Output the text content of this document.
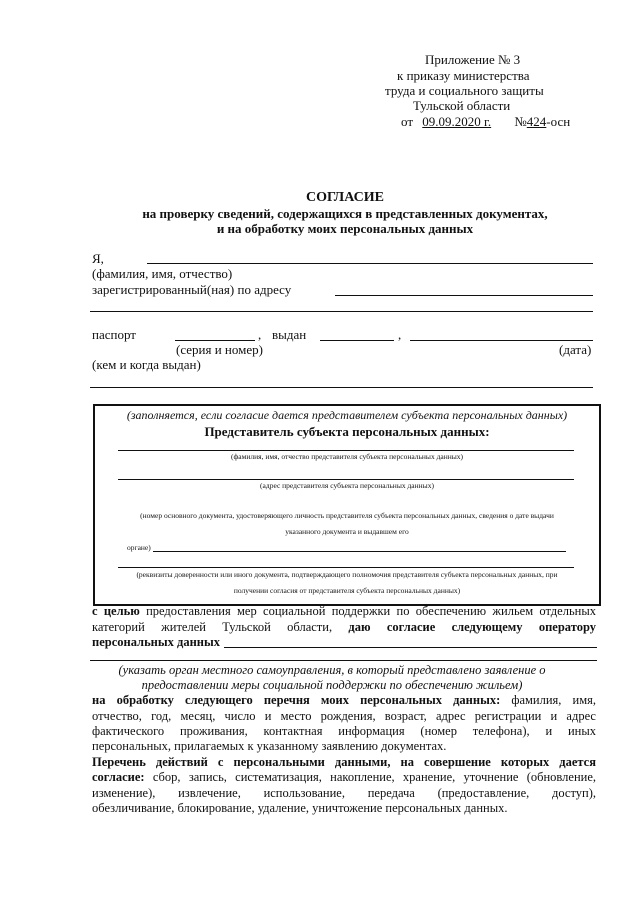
Приложение № 3
к приказу министерства
труда и социального защиты
Тульской области
от 09.09.2020 г. №424-осн
СОГЛАСИЕ
на проверку сведений, содержащихся в представленных документах,
и на обработку моих персональных данных
Я,
(фамилия, имя, отчество)
зарегистрированный(ная) по адресу
паспорт	, выдан	,
(серия и номер)	(дата)
(кем и когда выдан)
(заполняется, если согласие дается представителем субъекта персональных данных)
Представитель субъекта персональных данных:
(фамилия, имя, отчество представителя субъекта персональных данных)
(адрес представителя субъекта персональных данных)
(номер основного документа, удостоверяющего личность представителя субъекта персональных данных, сведения о дате выдачи
указанного документа и выдавшем его
органе)
(реквизиты доверенности или иного документа, подтверждающего полномочия представителя субъекта персональных данных, при
получении согласия от представителя субъекта персональных данных)
с целью предоставления мер социальной поддержки по обеспечению жильем отдельных
категорий жителей Тульской области, даю согласие следующему оператору
персональных данных
(указать орган местного самоуправления, в который представлено заявление о
предоставлении меры социальной поддержки по обеспечению жильем)
на обработку следующего перечня моих персональных данных: фамилия, имя,
отчество, год, месяц, число и место рождения, возраст, адрес регистрации и адрес
фактического проживания, контактная информация (номер телефона), и иных
персональных, прилагаемых к указанному заявлению документах.
Перечень действий с персональными данными, на совершение которых дается
согласие: сбор, запись, систематизация, накопление, хранение, уточнение (обновление,
изменение), извлечение, использование, передача (предоставление, доступ),
обезличивание, блокирование, удаление, уничтожение персональных данных.
